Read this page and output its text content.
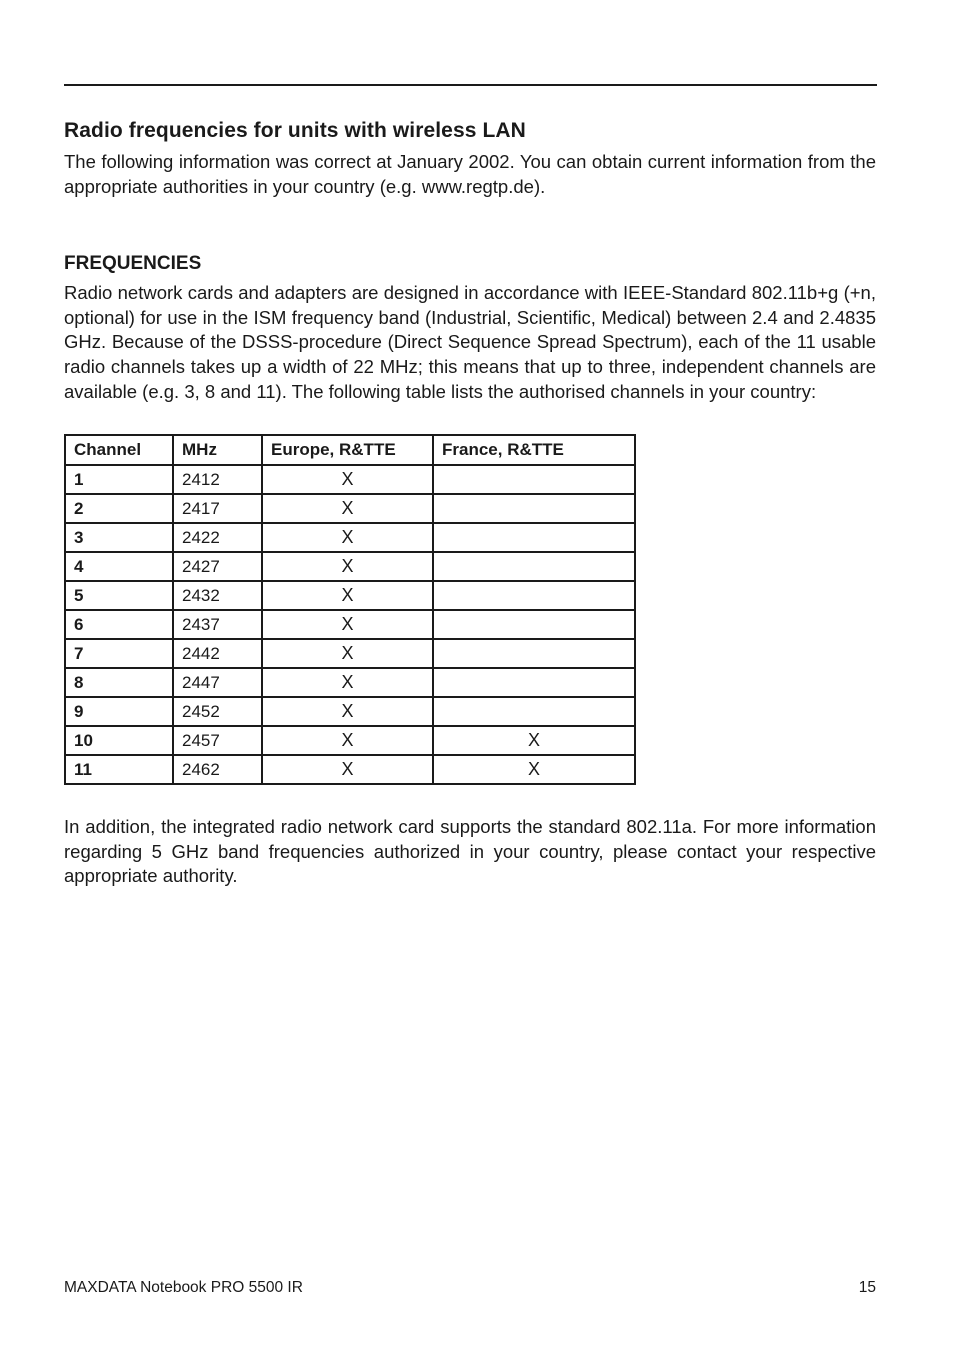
Radio frequencies for units with wireless LAN

The following information was correct at January 2002. You can obtain current information from the appropriate authorities in your country (e.g. www.regtp.de).

FREQUENCIES

Radio network cards and adapters are designed in accordance with IEEE-Standard 802.11b+g (+n, optional) for use in the ISM frequency band (Industrial, Scientific, Medical) between 2.4 and 2.4835 GHz. Because of the DSSS-procedure (Direct Sequence Spread Spectrum), each of the 11 usable radio channels takes up a width of 22 MHz; this means that up to three, independent channels are available (e.g. 3, 8 and 11). The following table lists the authorised channels in your country:

Channel	MHz	Europe, R&TTE	France, R&TTE
1	2412	X	
2	2417	X	
3	2422	X	
4	2427	X	
5	2432	X	
6	2437	X	
7	2442	X	
8	2447	X	
9	2452	X	
10	2457	X	X
11	2462	X	X

In addition, the integrated radio network card supports the standard 802.11a. For more information regarding 5 GHz band frequencies authorized in your country, please contact your respective appropriate authority.

MAXDATA Notebook PRO 5500 IR	15
